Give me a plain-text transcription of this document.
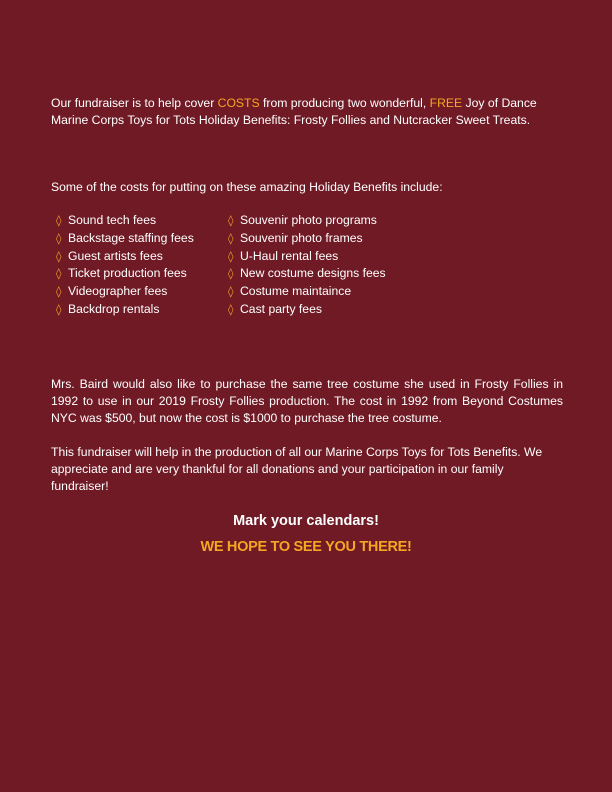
Our fundraiser is to help cover COSTS from producing two wonderful, FREE Joy of Dance Marine Corps Toys for Tots Holiday Benefits: Frosty Follies and Nutcracker Sweet Treats.
Some of the costs for putting on these amazing Holiday Benefits include:
◊ Sound tech fees
◊ Backstage staffing fees
◊ Guest artists fees
◊ Ticket production fees
◊ Videographer fees
◊ Backdrop rentals
◊ Souvenir photo programs
◊ Souvenir photo frames
◊ U-Haul rental fees
◊ New costume designs fees
◊ Costume maintaince
◊ Cast party fees
Mrs. Baird would also like to purchase the same tree costume she used in Frosty Follies in 1992 to use in our 2019 Frosty Follies production. The cost in 1992 from Beyond Costumes NYC was $500, but now the cost is $1000 to purchase the tree costume.
This fundraiser will help in the production of all our Marine Corps Toys for Tots Benefits. We appreciate and are very thankful for all donations and your participation in our family fundraiser!
Mark your calendars!
WE HOPE TO SEE YOU THERE!
